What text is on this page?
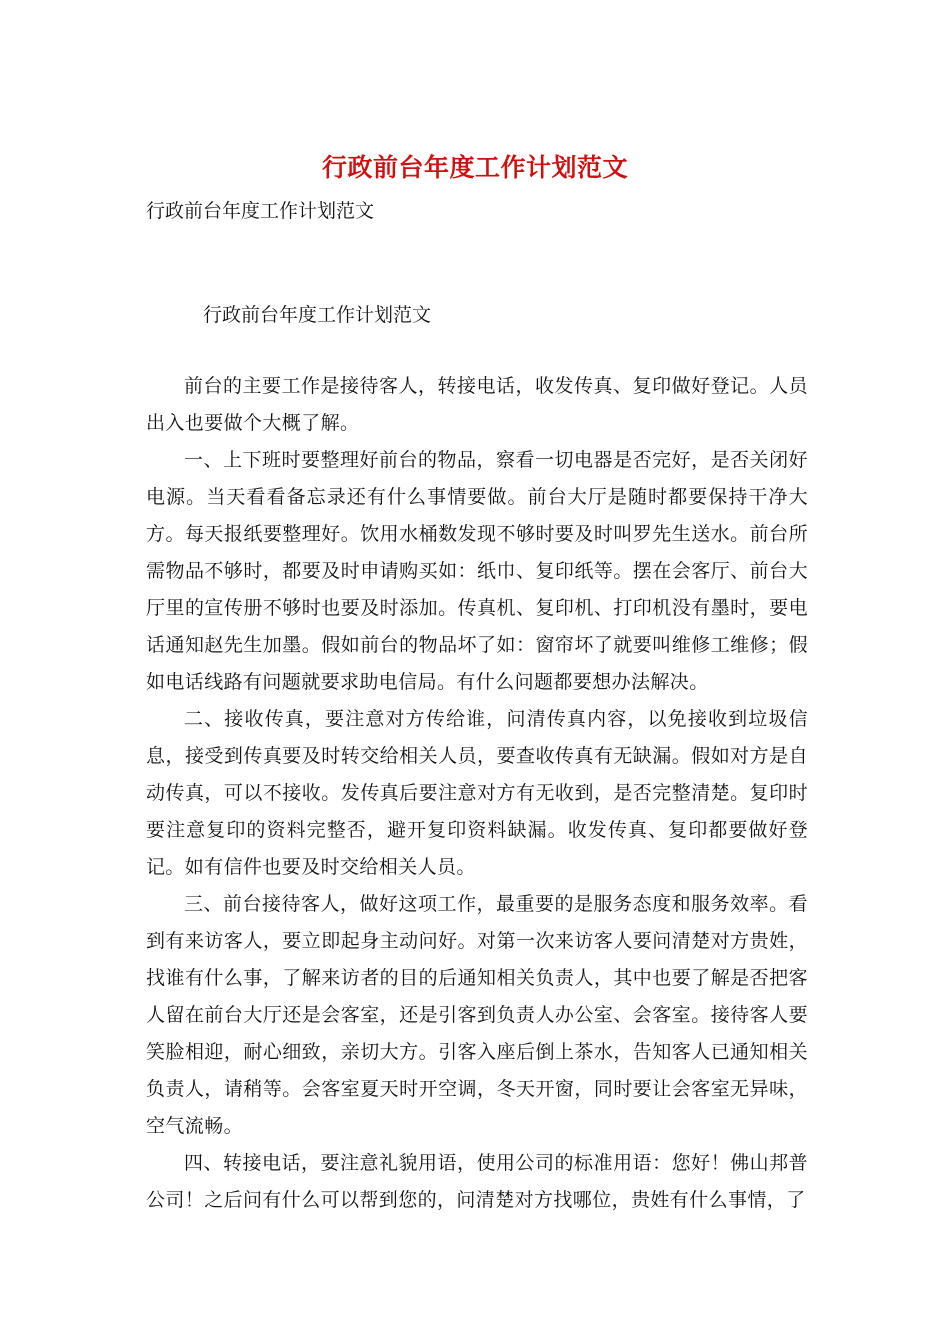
行政前台年度工作计划范文
行政前台年度工作计划范文
行政前台年度工作计划范文

前台的主要工作是接待客人，转接电话，收发传真、复印做好登记。人员出入也要做个大概了解。

一、上下班时要整理好前台的物品，察看一切电器是否完好，是否关闭好电源。当天看看备忘录还有什么事情要做。前台大厅是随时都要保持干净大方。每天报纸要整理好。饮用水桶数发现不够时要及时叫罗先生送水。前台所需物品不够时，都要及时申请购买如：纸巾、复印纸等。摆在会客厅、前台大厅里的宣传册不够时也要及时添加。传真机、复印机、打印机没有墨时，要电话通知赵先生加墨。假如前台的物品坏了如：窗帘坏了就要叫维修工维修；假如电话线路有问题就要求助电信局。有什么问题都要想办法解决。

二、接收传真，要注意对方传给谁，问清传真内容，以免接收到垃圾信息，接受到传真要及时转交给相关人员，要查收传真有无缺漏。假如对方是自动传真，可以不接收。发传真后要注意对方有无收到，是否完整清楚。复印时要注意复印的资料完整否，避开复印资料缺漏。收发传真、复印都要做好登记。如有信件也要及时交给相关人员。

三、前台接待客人，做好这项工作，最重要的是服务态度和服务效率。看到有来访客人，要立即起身主动问好。对第一次来访客人要问清楚对方贵姓，找谁有什么事，了解来访者的目的后通知相关负责人，其中也要了解是否把客人留在前台大厅还是会客室，还是引客到负责人办公室、会客室。接待客人要笑脸相迎，耐心细致，亲切大方。引客入座后倒上茶水，告知客人已通知相关负责人，请稍等。会客室夏天时开空调，冬天开窗，同时要让会客室无异味，空气流畅。

四、转接电话，要注意礼貌用语，使用公司的标准用语：您好！佛山邦普公司！之后问有什么可以帮到您的，问清楚对方找哪位，贵姓有什么事情，了
